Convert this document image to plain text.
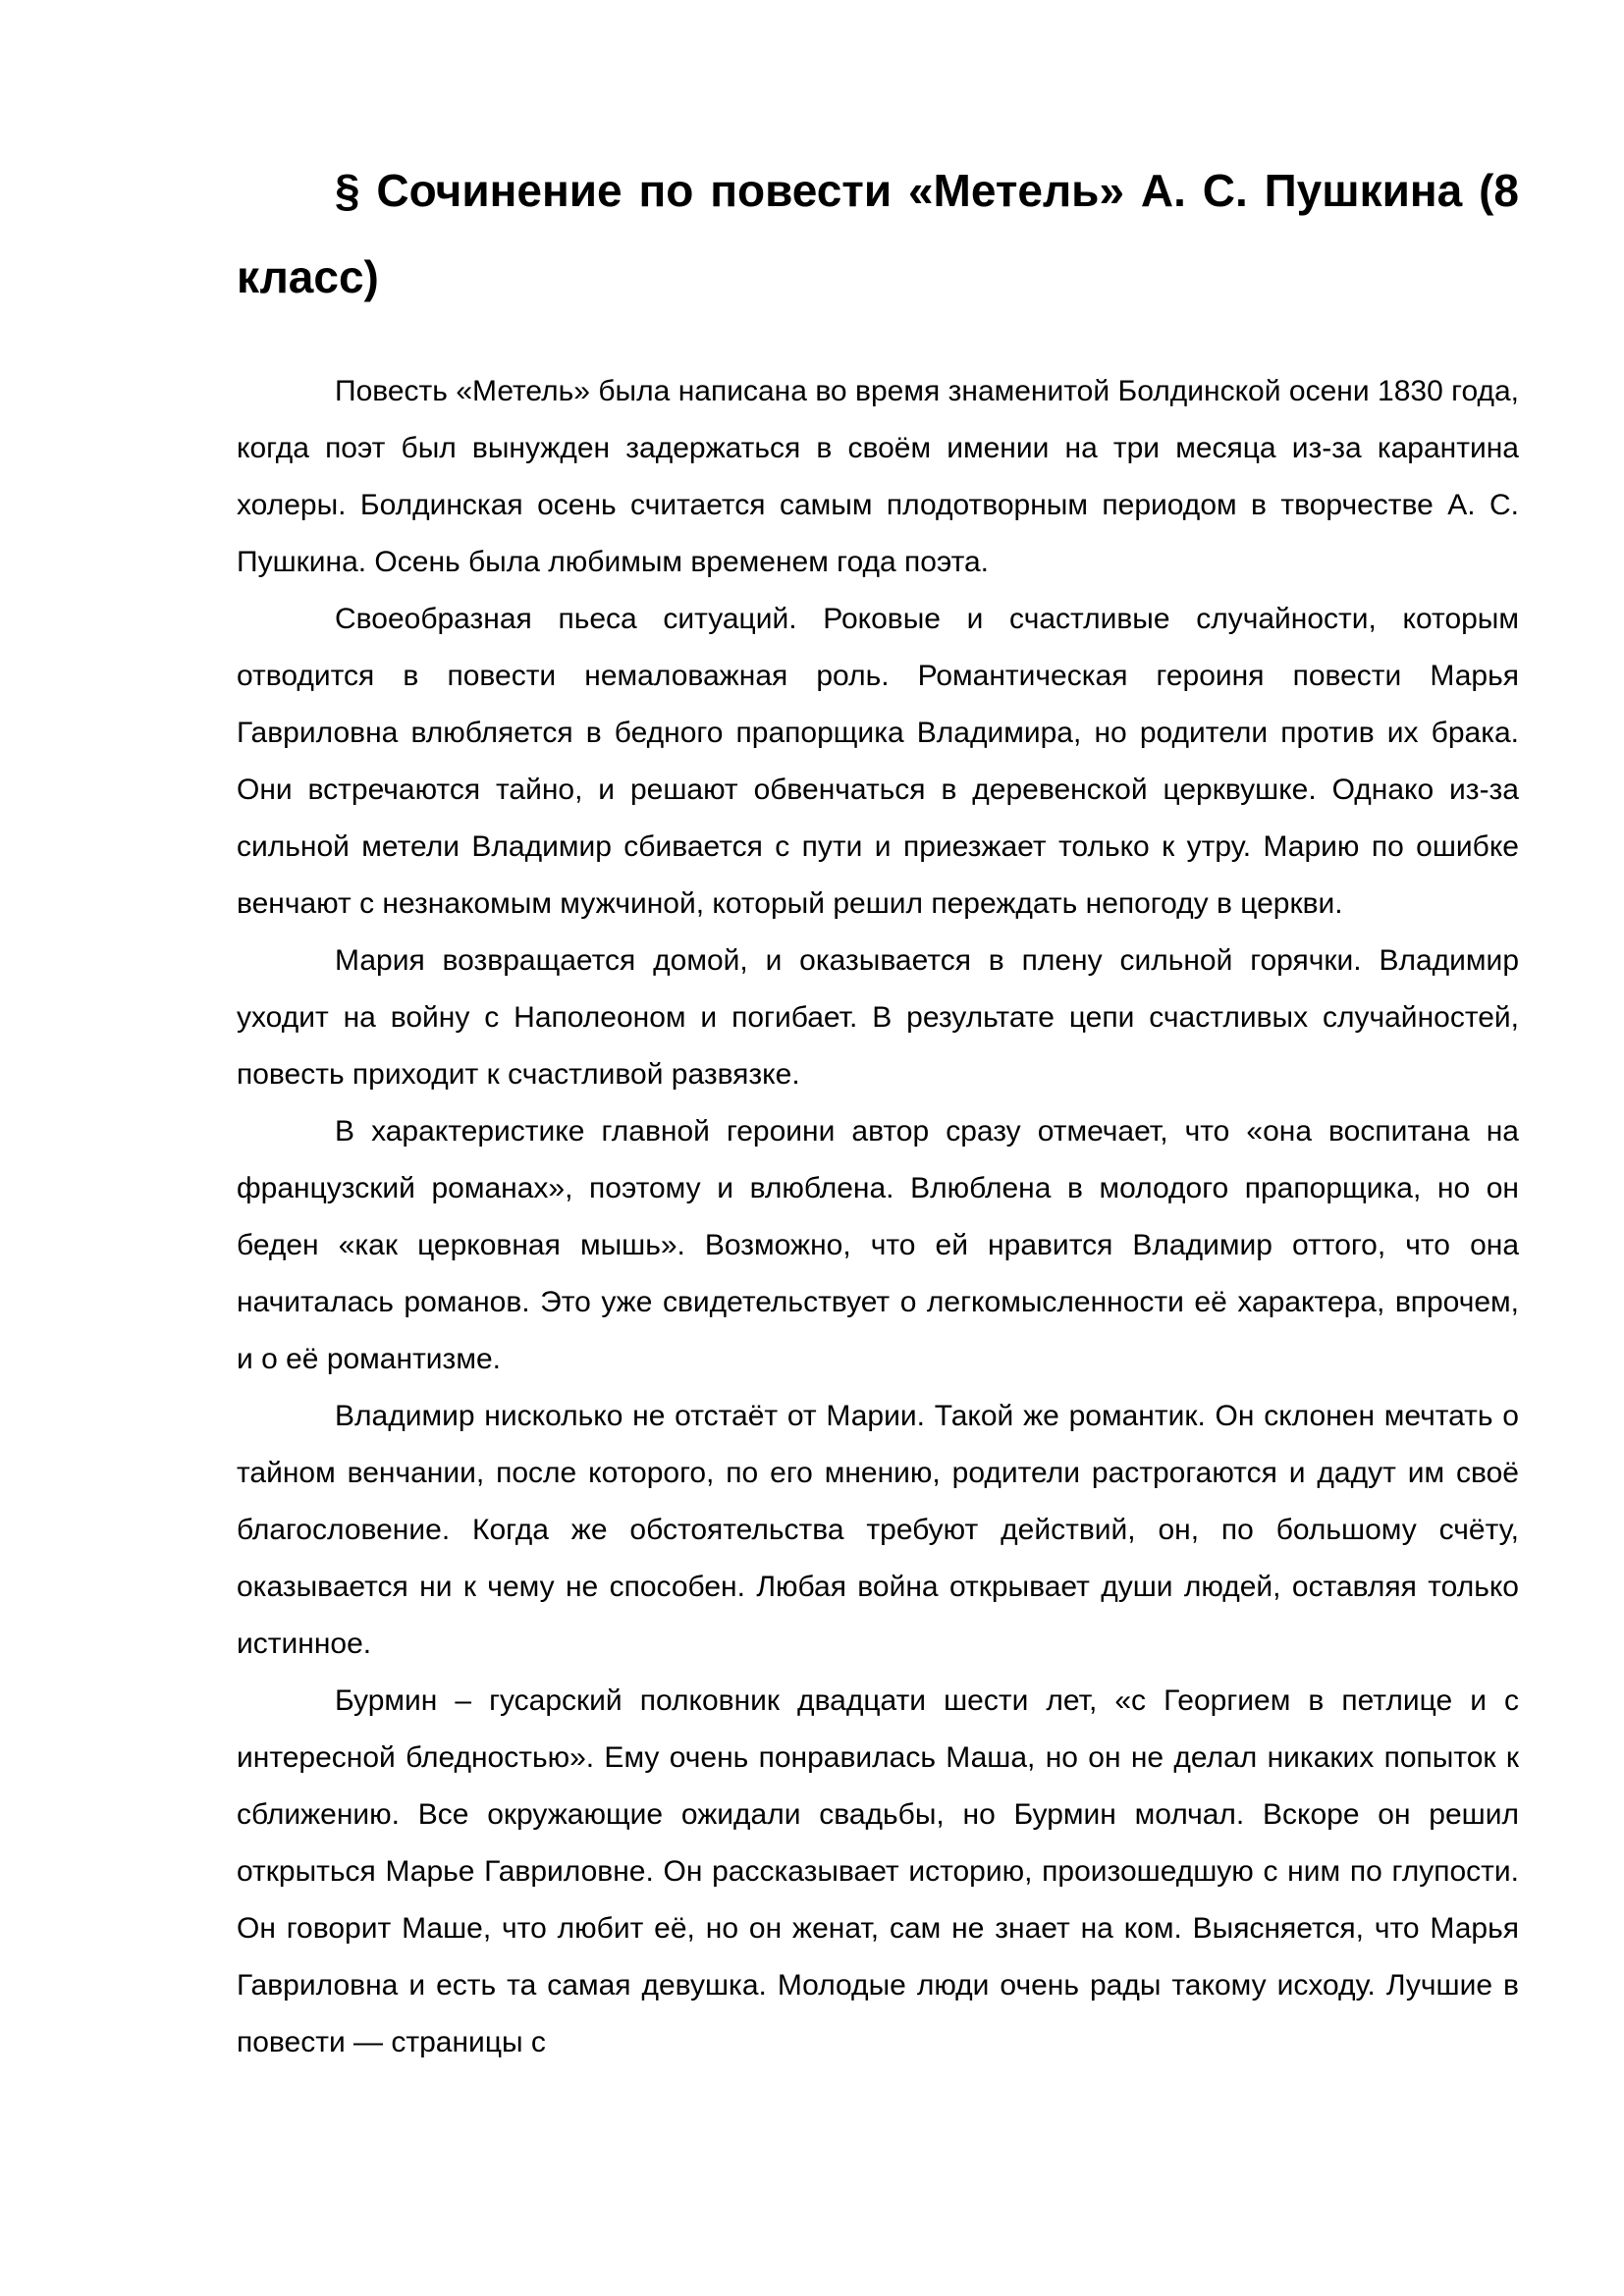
§ Сочинение по повести «Метель» А. С. Пушкина (8 класс)

Повесть «Метель» была написана во время знаменитой Болдинской осени 1830 года, когда поэт был вынужден задержаться в своём имении на три месяца из-за карантина холеры. Болдинская осень считается самым плодотворным периодом в творчестве А. С. Пушкина. Осень была любимым временем года поэта.

Своеобразная пьеса ситуаций. Роковые и счастливые случайности, которым отводится в повести немаловажная роль. Романтическая героиня повести Марья Гавриловна влюбляется в бедного прапорщика Владимира, но родители против их брака. Они встречаются тайно, и решают обвенчаться в деревенской церквушке. Однако из-за сильной метели Владимир сбивается с пути и приезжает только к утру. Марию по ошибке венчают с незнакомым мужчиной, который решил переждать непогоду в церкви.

Мария возвращается домой, и оказывается в плену сильной горячки. Владимир уходит на войну с Наполеоном и погибает. В результате цепи счастливых случайностей, повесть приходит к счастливой развязке.

В характеристике главной героини автор сразу отмечает, что «она воспитана на французский романах», поэтому и влюблена. Влюблена в молодого прапорщика, но он беден «как церковная мышь». Возможно, что ей нравится Владимир оттого, что она начиталась романов. Это уже свидетельствует о легкомысленности её характера, впрочем, и о её романтизме.

Владимир нисколько не отстаёт от Марии. Такой же романтик. Он склонен мечтать о тайном венчании, после которого, по его мнению, родители растрогаются и дадут им своё благословение. Когда же обстоятельства требуют действий, он, по большому счёту, оказывается ни к чему не способен. Любая война открывает души людей, оставляя только истинное.

Бурмин – гусарский полковник двадцати шести лет, «с Георгием в петлице и с интересной бледностью». Ему очень понравилась Маша, но он не делал никаких попыток к сближению. Все окружающие ожидали свадьбы, но Бурмин молчал. Вскоре он решил открыться Марье Гавриловне. Он рассказывает историю, произошедшую с ним по глупости. Он говорит Маше, что любит её, но он женат, сам не знает на ком. Выясняется, что Марья Гавриловна и есть та самая девушка. Молодые люди очень рады такому исходу. Лучшие в повести — страницы с
